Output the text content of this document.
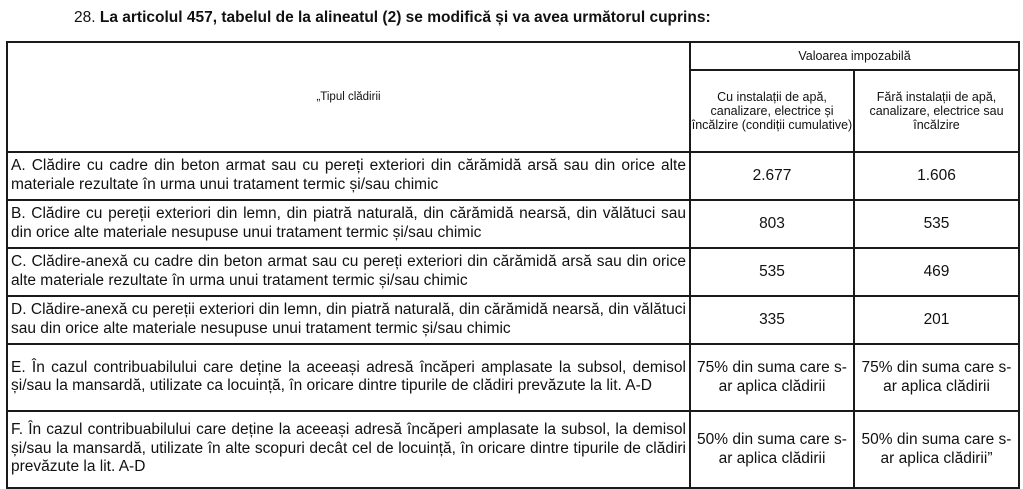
28. La articolul 457, tabelul de la alineatul (2) se modifică și va avea următorul cuprins:
„Tipul clădirii	Valoarea impozabilă	
	Cu instalații de apă, canalizare, electrice și încălzire (condiții cumulative)	Fără instalații de apă, canalizare, electrice sau încălzire
A. Clădire cu cadre din beton armat sau cu pereți exteriori din cărămidă arsă sau din orice alte materiale rezultate în urma unui tratament termic și/sau chimic	2.677	1.606
B. Clădire cu pereții exteriori din lemn, din piatră naturală, din cărămidă nearsă, din vălătuci sau din orice alte materiale nesupuse unui tratament termic și/sau chimic	803	535
C. Clădire-anexă cu cadre din beton armat sau cu pereți exteriori din cărămidă arsă sau din orice alte materiale rezultate în urma unui tratament termic și/sau chimic	535	469
D. Clădire-anexă cu pereții exteriori din lemn, din piatră naturală, din cărămidă nearsă, din vălătuci sau din orice alte materiale nesupuse unui tratament termic și/sau chimic	335	201
E. În cazul contribuabilului care deține la aceeași adresă încăperi amplasate la subsol, demisol și/sau la mansardă, utilizate ca locuință, în oricare dintre tipurile de clădiri prevăzute la lit. A-D	75% din suma care s-ar aplica clădirii	75% din suma care s-ar aplica clădirii
F. În cazul contribuabilului care deține la aceeași adresă încăperi amplasate la subsol, la demisol și/sau la mansardă, utilizate în alte scopuri decât cel de locuință, în oricare dintre tipurile de clădiri prevăzute la lit. A-D	50% din suma care s-ar aplica clădirii	50% din suma care s-ar aplica clădirii”
